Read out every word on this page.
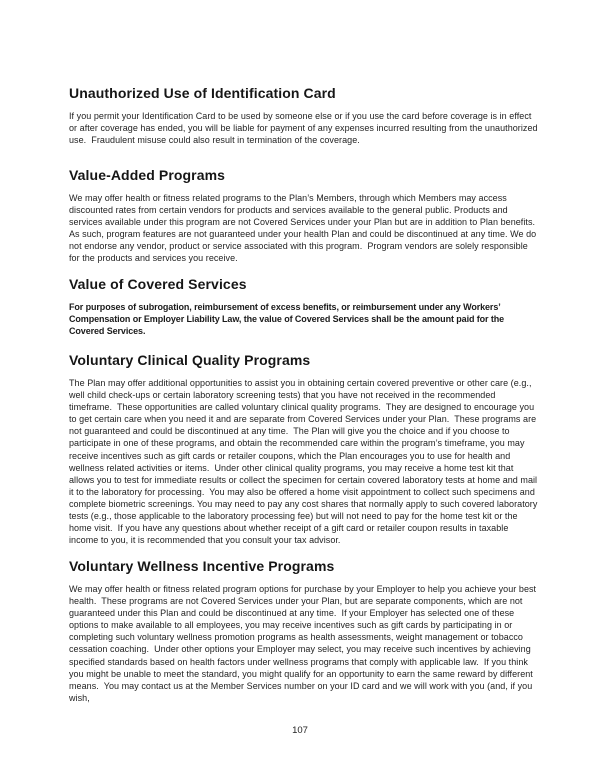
Unauthorized Use of Identification Card

If you permit your Identification Card to be used by someone else or if you use the card before coverage is in effect or after coverage has ended, you will be liable for payment of any expenses incurred resulting from the unauthorized use.  Fraudulent misuse could also result in termination of the coverage.

Value-Added Programs

We may offer health or fitness related programs to the Plan’s Members, through which Members may access discounted rates from certain vendors for products and services available to the general public. Products and services available under this program are not Covered Services under your Plan but are in addition to Plan benefits. As such, program features are not guaranteed under your health Plan and could be discontinued at any time. We do not endorse any vendor, product or service associated with this program.  Program vendors are solely responsible for the products and services you receive.

Value of Covered Services

For purposes of subrogation, reimbursement of excess benefits, or reimbursement under any Workers’ Compensation or Employer Liability Law, the value of Covered Services shall be the amount paid for the Covered Services.

Voluntary Clinical Quality Programs

The Plan may offer additional opportunities to assist you in obtaining certain covered preventive or other care (e.g., well child check-ups or certain laboratory screening tests) that you have not received in the recommended timeframe.  These opportunities are called voluntary clinical quality programs.  They are designed to encourage you to get certain care when you need it and are separate from Covered Services under your Plan.  These programs are not guaranteed and could be discontinued at any time.  The Plan will give you the choice and if you choose to participate in one of these programs, and obtain the recommended care within the program’s timeframe, you may receive incentives such as gift cards or retailer coupons, which the Plan encourages you to use for health and wellness related activities or items.  Under other clinical quality programs, you may receive a home test kit that allows you to test for immediate results or collect the specimen for certain covered laboratory tests at home and mail it to the laboratory for processing.  You may also be offered a home visit appointment to collect such specimens and complete biometric screenings. You may need to pay any cost shares that normally apply to such covered laboratory tests (e.g., those applicable to the laboratory processing fee) but will not need to pay for the home test kit or the home visit.  If you have any questions about whether receipt of a gift card or retailer coupon results in taxable income to you, it is recommended that you consult your tax advisor.

Voluntary Wellness Incentive Programs

We may offer health or fitness related program options for purchase by your Employer to help you achieve your best health.  These programs are not Covered Services under your Plan, but are separate components, which are not guaranteed under this Plan and could be discontinued at any time.  If your Employer has selected one of these options to make available to all employees, you may receive incentives such as gift cards by participating in or completing such voluntary wellness promotion programs as health assessments, weight management or tobacco cessation coaching.  Under other options your Employer may select, you may receive such incentives by achieving specified standards based on health factors under wellness programs that comply with applicable law.  If you think you might be unable to meet the standard, you might qualify for an opportunity to earn the same reward by different means.  You may contact us at the Member Services number on your ID card and we will work with you (and, if you wish,

107
